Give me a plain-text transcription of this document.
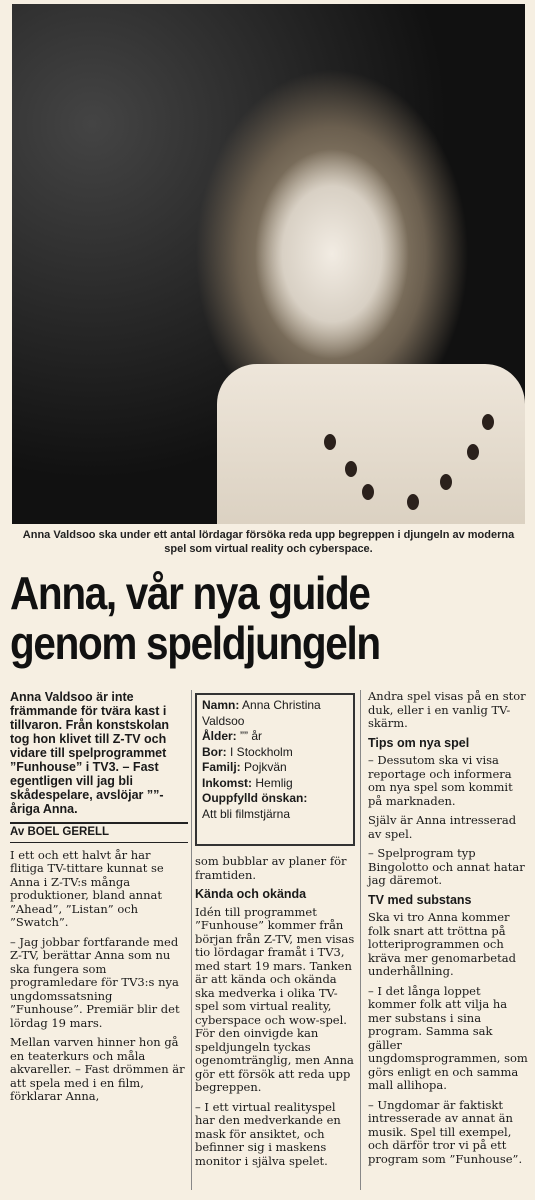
Anna Valdsoo ska under ett antal lördagar försöka reda upp begreppen i djungeln av moderna spel som virtual reality och cyberspace.
Anna, vår nya guide
genom speldjungeln

Anna Valdsoo är inte främmande för tvära kast i tillvaron. Från konstskolan tog hon klivet till Z-TV och vidare till spelprogrammet ”Funhouse” i TV3. – Fast egentligen vill jag bli skådespelare, avslöjar ””-åriga Anna.

Av BOEL GERELL

I ett och ett halvt år har flitiga TV-tittare kunnat se Anna i Z-TV:s många produktioner, bland annat ”Ahead”, ”Listan” och ”Swatch”.

– Jag jobbar fortfarande med Z-TV, berättar Anna som nu ska fungera som programledare för TV3:s nya ungdomssatsning ”Funhouse”. Premiär blir det lördag 19 mars.

Mellan varven hinner hon gå en teaterkurs och måla akvareller. – Fast drömmen är att spela med i en film, förklarar Anna,

Namn: Anna Christina Valdsoo
Ålder: ”” år
Bor: I Stockholm
Familj: Pojkvän
Inkomst: Hemlig
Ouppfylld önskan:
Att bli filmstjärna

som bubblar av planer för framtiden.

Kända och okända

Idén till programmet ”Funhouse” kommer från början från Z-TV, men visas tio lördagar framåt i TV3, med start 19 mars. Tanken är att kända och okända ska medverka i olika TV-spel som virtual reality, cyberspace och wow-spel. För den oinvigde kan speldjungeln tyckas ogenomtränglig, men Anna gör ett försök att reda upp begreppen.

– I ett virtual realityspel har den medverkande en mask för ansiktet, och befinner sig i maskens monitor i själva spelet.

Andra spel visas på en stor duk, eller i en vanlig TV-skärm.

Tips om nya spel

– Dessutom ska vi visa reportage och informera om nya spel som kommit på marknaden.

Själv är Anna intresserad av spel.

– Spelprogram typ Bingolotto och annat hatar jag däremot.

TV med substans

Ska vi tro Anna kommer folk snart att tröttna på lotteriprogrammen och kräva mer genomarbetad underhållning.

– I det långa loppet kommer folk att vilja ha mer substans i sina program. Samma sak gäller ungdomsprogrammen, som görs enligt en och samma mall allihopa.

– Ungdomar är faktiskt intresserade av annat än musik. Spel till exempel, och därför tror vi på ett program som ”Funhouse”.
